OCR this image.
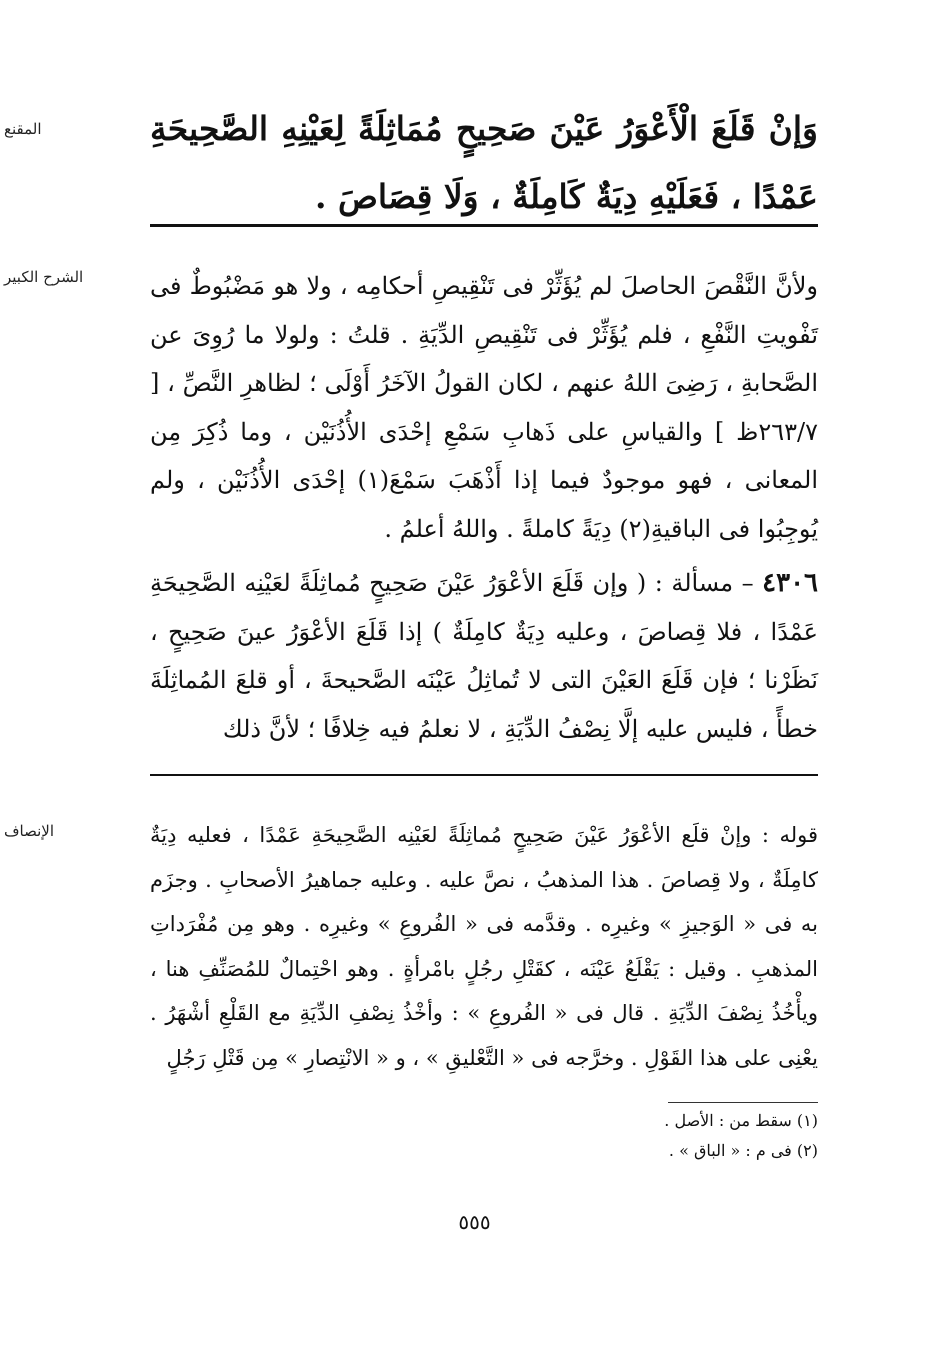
المقنع	وَإنْ قَلَعَ الْأَعْوَرُ عَيْنَ صَحِيحٍ مُمَاثِلَةً لِعَيْنِهِ الصَّحِيحَةِ عَمْدًا ، فَعَلَيْهِ دِيَةٌ كَامِلَةٌ ، وَلَا قِصَاصَ .
الشرح الكبير	ولأنَّ النَّقْصَ الحاصلَ لم يُؤَثِّرْ فى تَنْقِيصِ أحكامِه ، ولا هو مَضْبُوطٌ فى تَفْويتِ النَّفْعِ ، فلم يُؤَثِّرْ فى تَنْقِيصِ الدِّيَةِ . قلتُ : ولولا ما رُوِىَ عن الصَّحابةِ ، رَضِىَ اللهُ عنهم ، لكان القولُ الآخَرُ أَوْلَى ؛ لظاهرِ النَّصِّ ، [ ٢٦٣/٧ظ ] والقياسِ على ذَهابِ سَمْعِ إحْدَى الأُذُنَيْن ، وما ذُكِرَ مِن المعانى ، فهو موجودٌ فيما إذا أَذْهَبَ سَمْعَ(١) إحْدَى الأُذُنَيْن ، ولم يُوجِبُوا فى الباقيةِ(٢) دِيَةً كاملةً . واللهُ أعلمُ .

٤٣٠٦ – مسألة : ( وإن قَلَعَ الأعْوَرُ عَيْنَ صَحِيحٍ مُماثِلَةً لعَيْنِه الصَّحِيحَةِ عَمْدًا ، فلا قِصاصَ ، وعليه دِيَةٌ كامِلَةٌ ) إذا قَلَعَ الأعْوَرُ عينَ صَحِيحٍ ، نَظَرْنا ؛ فإن قَلَعَ العَيْنَ التى لا تُماثِلُ عَيْنَه الصَّحيحةَ ، أو قلعَ المُماثِلَةَ خطأً ، فليس عليه إلَّا نِصْفُ الدِّيَةِ ، لا نعلمُ فيه خِلافًا ؛ لأنَّ ذلك

الإنصاف	قوله : وإنْ قلَع الأعْوَرُ عَيْنَ صَحِيحٍ مُماثِلَةً لعَيْنِه الصَّحِيحَةِ عَمْدًا ، فعليه دِيَةٌ كامِلَةٌ ، ولا قِصاصَ . هذا المذهبُ ، نصَّ عليه . وعليه جماهيرُ الأصحابِ . وجزَم به فى « الوَجيزِ » وغيرِه . وقدَّمه فى « الفُروعِ » وغيرِه . وهو مِن مُفْرَداتِ المذهبِ . وقيل : يَقْلَعُ عَيْنَه ، كقَتْلِ رجُلٍ بامْرأةٍ . وهو احْتِمالٌ للمُصَنِّفِ هنا ، ويأْخُذُ نِصْفَ الدِّيَةِ . قال فى « الفُروعِ » : وأخْذُ نِصْفِ الدِّيَةِ مع القَلْعِ أشْهَرُ . يعْنِى على هذا القَوْلِ . وخرَّجه فى « التَّعْليقِ » ، و « الانْتِصارِ » مِن قَتْلِ رَجُلٍ
(١) سقط من : الأصل .
(٢) فى م : « الباق » .
٥٥٥
